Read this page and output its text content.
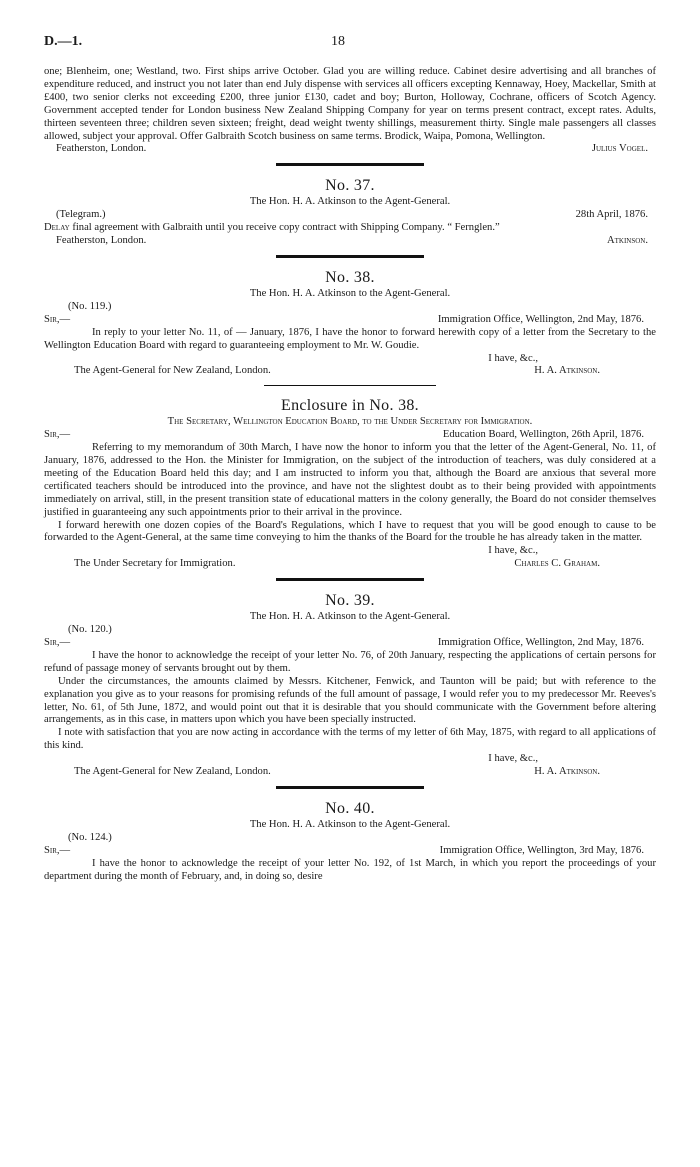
D.—1.	18

one; Blenheim, one; Westland, two. First ships arrive October. Glad you are willing reduce. Cabinet desire advertising and all branches of expenditure reduced, and instruct you not later than end July dispense with services all officers excepting Kennaway, Hoey, Mackellar, Smith at £400, two senior clerks not exceeding £200, three junior £130, cadet and boy; Burton, Holloway, Cochrane, officers of Scotch Agency. Government accepted tender for London business New Zealand Shipping Company for year on terms present contract, except rates. Adults, thirteen seventeen three; children seven sixteen; freight, dead weight twenty shillings, measurement thirty. Single male passengers all classes allowed, subject your approval. Offer Galbraith Scotch business on same terms. Brodick, Waipa, Pomona, Wellington.

Featherston, London.	Julius Vogel.
No. 37.
The Hon. H. A. Atkinson to the Agent-General.
(Telegram.)	28th April, 1876.

Delay final agreement with Galbraith until you receive copy contract with Shipping Company. “ Fernglen.”

Featherston, London.	Atkinson.
No. 38.
The Hon. H. A. Atkinson to the Agent-General.
(No. 119.)
Sir,—	Immigration Office, Wellington, 2nd May, 1876.

In reply to your letter No. 11, of — January, 1876, I have the honor to forward herewith copy of a letter from the Secretary to the Wellington Education Board with regard to guaranteeing employment to Mr. W. Goudie.

I have, &c.,
The Agent-General for New Zealand, London.	H. A. Atkinson.
Enclosure in No. 38.
The Secretary, Wellington Education Board, to the Under Secretary for Immigration.
Sir,—	Education Board, Wellington, 26th April, 1876.

Referring to my memorandum of 30th March, I have now the honor to inform you that the letter of the Agent-General, No. 11, of January, 1876, addressed to the Hon. the Minister for Immigration, on the subject of the introduction of teachers, was duly considered at a meeting of the Education Board held this day; and I am instructed to inform you that, although the Board are anxious that several more certificated teachers should be introduced into the province, and have not the slightest doubt as to their being provided with appointments immediately on arrival, still, in the present transition state of educational matters in the colony generally, the Board do not consider themselves justified in guaranteeing any such appointments prior to their arrival in the province.

I forward herewith one dozen copies of the Board's Regulations, which I have to request that you will be good enough to cause to be forwarded to the Agent-General, at the same time conveying to him the thanks of the Board for the trouble he has already taken in the matter.

I have, &c.,
The Under Secretary for Immigration.	Charles C. Graham.
No. 39.
The Hon. H. A. Atkinson to the Agent-General.
(No. 120.)
Sir,—	Immigration Office, Wellington, 2nd May, 1876.

I have the honor to acknowledge the receipt of your letter No. 76, of 20th January, respecting the applications of certain persons for refund of passage money of servants brought out by them.

Under the circumstances, the amounts claimed by Messrs. Kitchener, Fenwick, and Taunton will be paid; but with reference to the explanation you give as to your reasons for promising refunds of the full amount of passage, I would refer you to my predecessor Mr. Reeves's letter, No. 61, of 5th June, 1872, and would point out that it is desirable that you should communicate with the Government before altering arrangements, as in this case, in matters upon which you have been specially instructed.

I note with satisfaction that you are now acting in accordance with the terms of my letter of 6th May, 1875, with regard to all applications of this kind.

I have, &c.,
The Agent-General for New Zealand, London.	H. A. Atkinson.
No. 40.
The Hon. H. A. Atkinson to the Agent-General.
(No. 124.)
Sir,—	Immigration Office, Wellington, 3rd May, 1876.

I have the honor to acknowledge the receipt of your letter No. 192, of 1st March, in which you report the proceedings of your department during the month of February, and, in doing so, desire
